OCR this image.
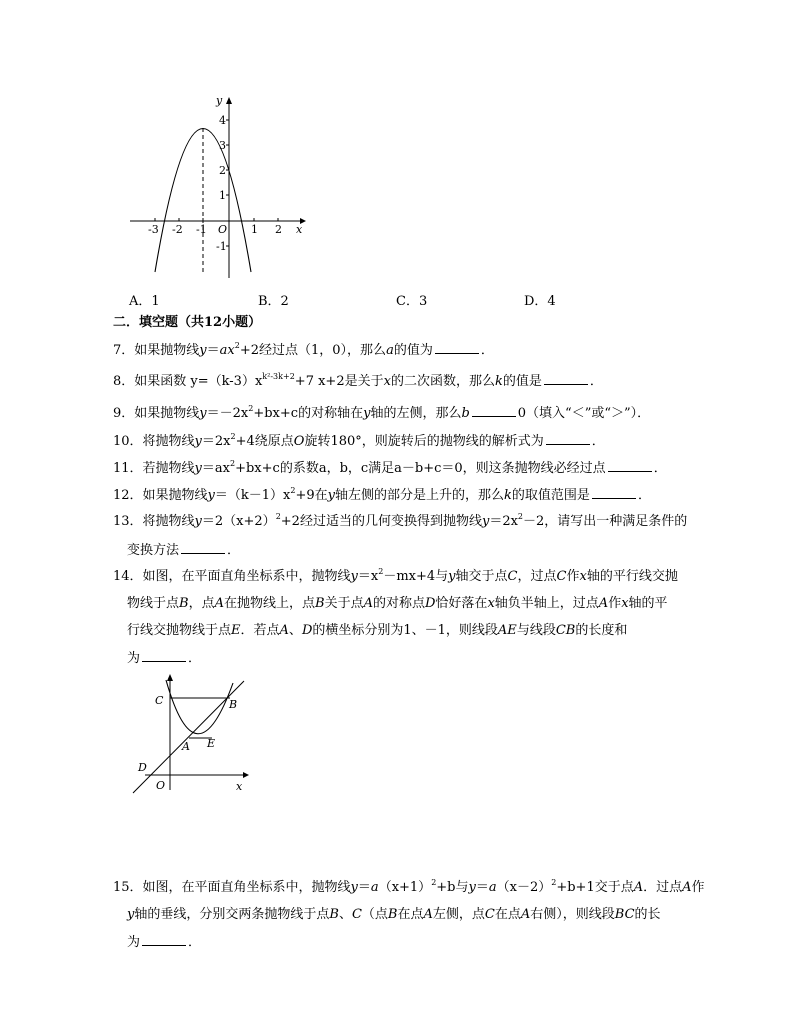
y
x
O
4
3
2
1
-1
-3 -2 -1	1 2
A．1	B．2	C．3	D．4
二．填空题（共12小题）
7．如果抛物线$y=ax^2+2$经过点（1，0），那么a的值为	．
8．如果函数 $y=(k-3)x^{k^2-3k+2}+7$ x+2是关于x的二次函数，那么k的值是	．
9．如果抛物线$y=-2x^2+bx+c$的对称轴在y轴的左侧，那么b	0（填入“＜”或“＞”）．
10．将抛物线$y=2x^2+4$绕原点O旋转180°，则旋转后的抛物线的解析式为	．
11．若抛物线$y=ax^2+bx+c$的系数a，b，c满足a－b+c＝0，则这条抛物线必经过点	．
12．如果抛物线$y=(k-1)x^2+9$在y轴左侧的部分是上升的，那么k的取值范围是	．
13．将抛物线$y=2(x+2)^2+2$经过适当的几何变换得到抛物线$y=2x^2-2$，请写出一种满足条件的
变换方法	．
14．如图，在平面直角坐标系中，抛物线$y=x^2-mx+4$与y轴交于点C，过点C作x轴的平行线交抛
物线于点B，点A在抛物线上，点B关于点A的对称点D恰好落在x轴负半轴上，过点A作x轴的平
行线交抛物线于点E．若点A、D的横坐标分别为1、－1，则线段AE与线段CB的长度和
为	．
C	B
A E
D
O	x
15．如图，在平面直角坐标系中，抛物线$y=a(x+1)^2+b$与$y=a(x-2)^2+b+1$交于点A．过点A作
y轴的垂线，分别交两条抛物线于点B、C（点B在点A左侧，点C在点A右侧），则线段BC的长
为	．
